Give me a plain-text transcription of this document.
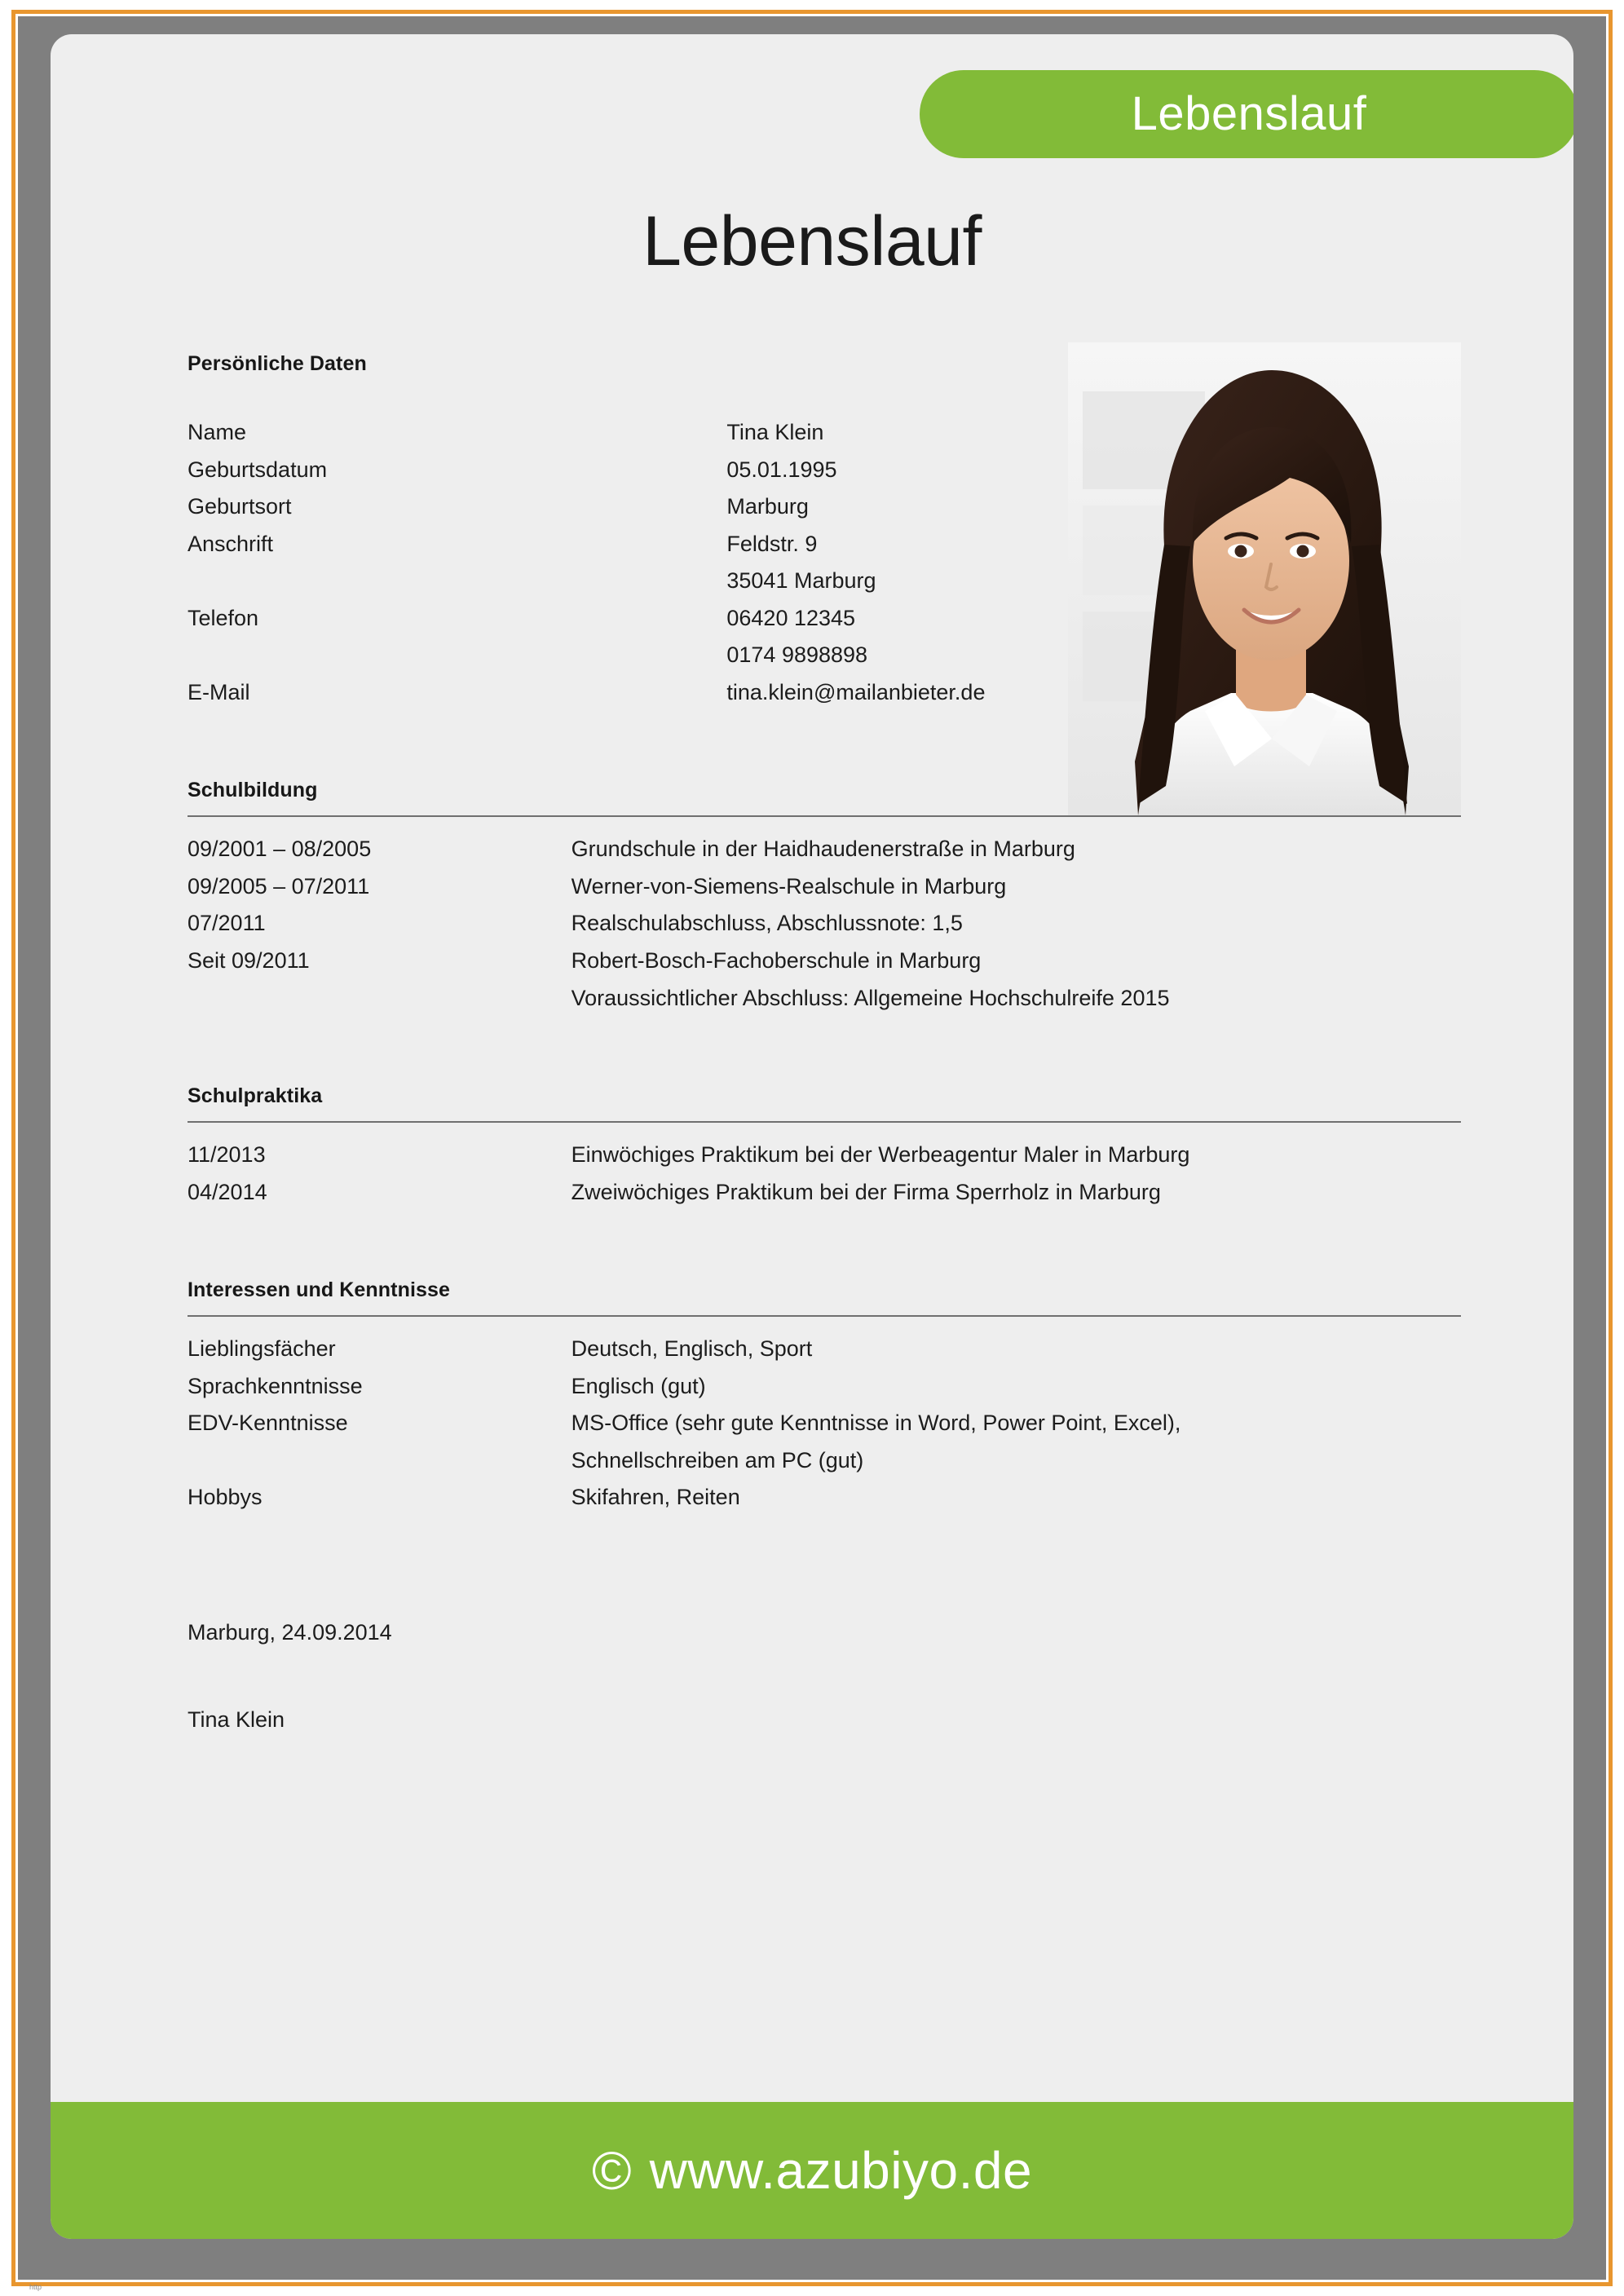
Lebenslauf
Lebenslauf
Persönliche Daten
Name	Tina Klein
Geburtsdatum	05.01.1995
Geburtsort	Marburg
Anschrift	Feldstr. 9
	35041 Marburg
Telefon	06420 12345
	0174 9898898
E-Mail	tina.klein@mailanbieter.de
Schulbildung
09/2001 – 08/2005	Grundschule in der Haidhaudenerstraße in Marburg
09/2005 – 07/2011	Werner-von-Siemens-Realschule in Marburg
07/2011	Realschulabschluss, Abschlussnote: 1,5
Seit 09/2011	Robert-Bosch-Fachoberschule in Marburg
	Voraussichtlicher Abschluss: Allgemeine Hochschulreife 2015
Schulpraktika
11/2013	Einwöchiges Praktikum bei der Werbeagentur Maler in Marburg
04/2014	Zweiwöchiges Praktikum bei der Firma Sperrholz in Marburg
Interessen und Kenntnisse
Lieblingsfächer	Deutsch, Englisch, Sport
Sprachkenntnisse	Englisch (gut)
EDV-Kenntnisse	MS-Office (sehr gute Kenntnisse in Word, Power Point, Excel),
	Schnellschreiben am PC (gut)
Hobbys	Skifahren, Reiten
Marburg, 24.09.2014
Tina Klein
© www.azubiyo.de
http
